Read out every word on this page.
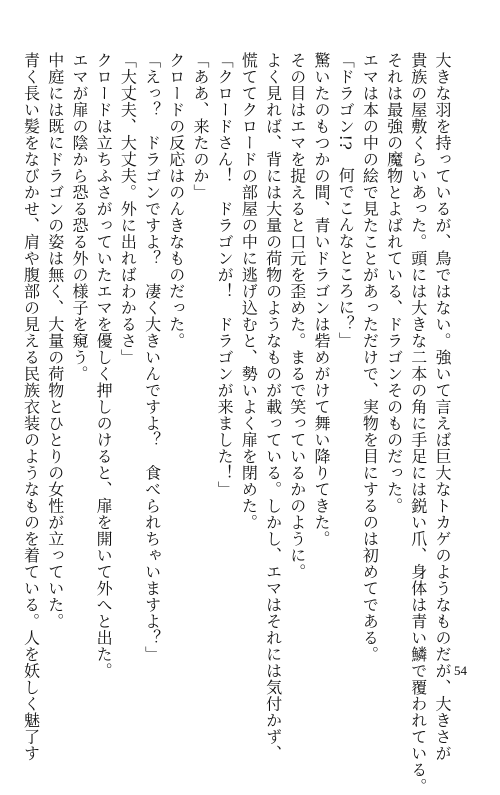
大きな羽を持っているが、鳥ではない。強いて言えば巨大なトカゲのようなものだが、大きさが
貴族の屋敷くらいあった。頭には大きな二本の角に手足には鋭い爪、身体は青い鱗で覆われている。
それは最強の魔物とよばれている、ドラゴンそのものだった。
エマは本の中の絵で見たことがあっただけで、実物を目にするのは初めてである。
「ドラゴン!?　何でこんなところに？」
驚いたのもつかの間、青いドラゴンは砦めがけて舞い降りてきた。
その目はエマを捉えると口元を歪めた。まるで笑っているかのように。
よく見れば、背には大量の荷物のようなものが載っている。しかし、エマはそれには気付かず、
慌ててクロードの部屋の中に逃げ込むと、勢いよく扉を閉めた。
「クロードさん！　ドラゴンが！　ドラゴンが来ました！」
「ああ、来たのか」
クロードの反応はのんきなものだった。
「えっ？　ドラゴンですよ？　凄く大きいんですよ？　食べられちゃいますよ？」
「大丈夫、大丈夫。外に出ればわかるさ」
クロードは立ちふさがっていたエマを優しく押しのけると、扉を開いて外へと出た。
エマが扉の陰から恐る恐る外の様子を窺う。
中庭には既にドラゴンの姿は無く、大量の荷物とひとりの女性が立っていた。
青く長い髪をなびかせ、肩や腹部の見える民族衣装のようなものを着ている。人を妖しく魅了す	54
